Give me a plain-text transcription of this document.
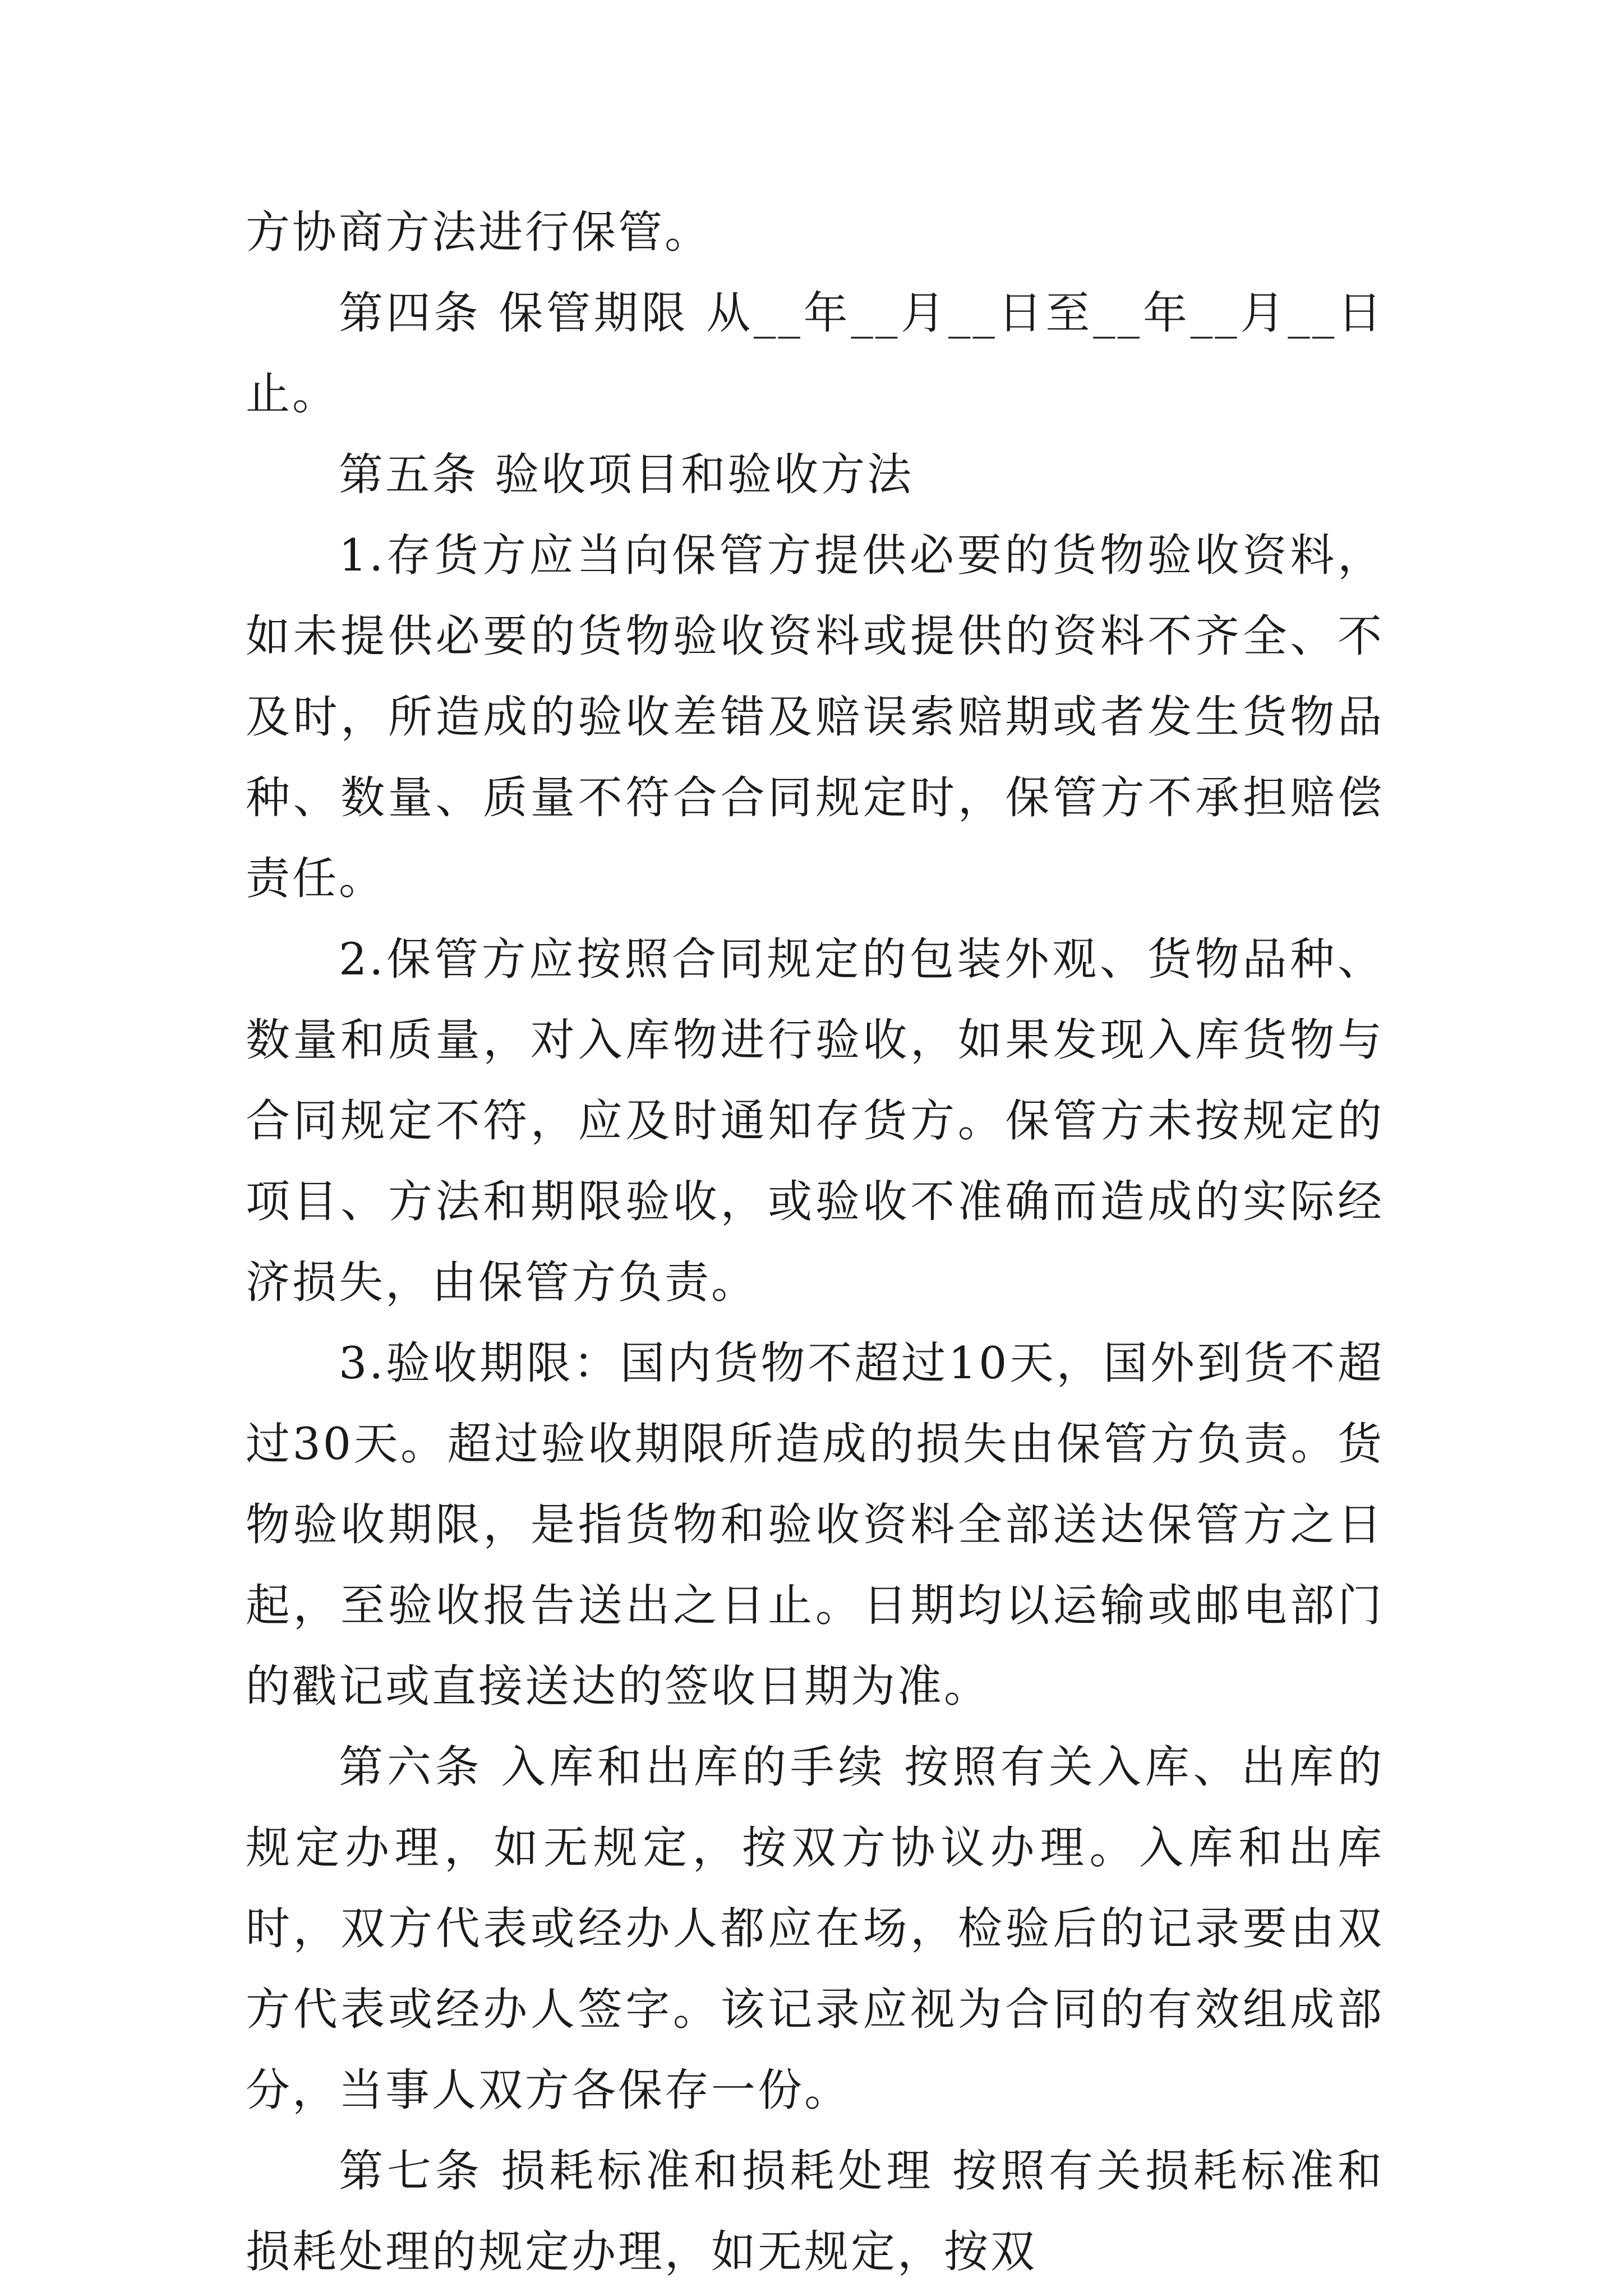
方协商方法进行保管。

第四条 保管期限 从__年__月__日至__年__月__日止。

第五条 验收项目和验收方法

1.存货方应当向保管方提供必要的货物验收资料，如未提供必要的货物验收资料或提供的资料不齐全、不及时，所造成的验收差错及赔误索赔期或者发生货物品种、数量、质量不符合合同规定时，保管方不承担赔偿责任。

2.保管方应按照合同规定的包装外观、货物品种、数量和质量，对入库物进行验收，如果发现入库货物与合同规定不符，应及时通知存货方。保管方未按规定的项目、方法和期限验收，或验收不准确而造成的实际经济损失，由保管方负责。

3.验收期限：国内货物不超过10天，国外到货不超过30天。超过验收期限所造成的损失由保管方负责。货物验收期限，是指货物和验收资料全部送达保管方之日起，至验收报告送出之日止。日期均以运输或邮电部门的戳记或直接送达的签收日期为准。

第六条 入库和出库的手续 按照有关入库、出库的规定办理，如无规定，按双方协议办理。入库和出库时，双方代表或经办人都应在场，检验后的记录要由双方代表或经办人签字。该记录应视为合同的有效组成部分，当事人双方各保存一份。

第七条 损耗标准和损耗处理 按照有关损耗标准和损耗处理的规定办理，如无规定，按双
